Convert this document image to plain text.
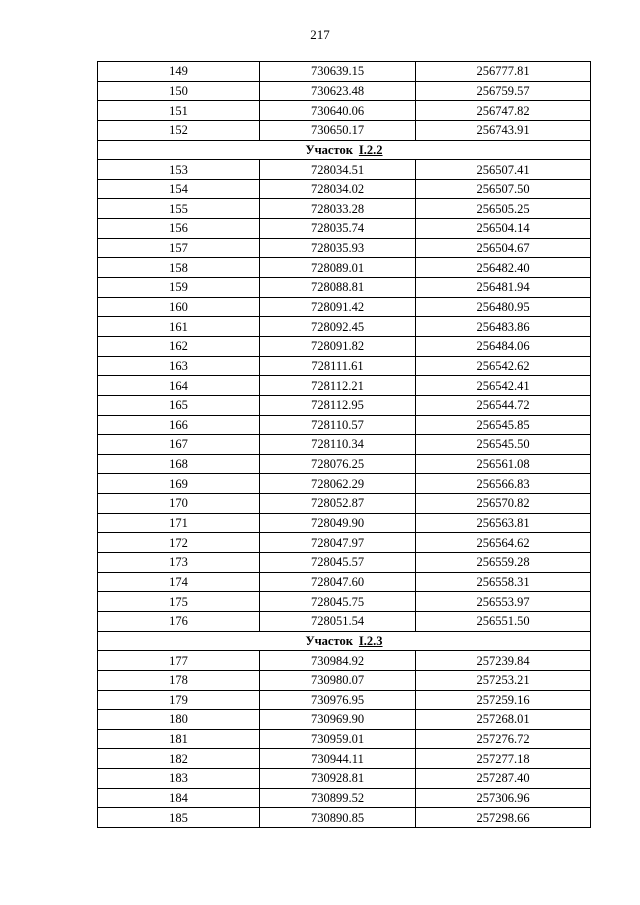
217
149	730639.15	256777.81
150	730623.48	256759.57
151	730640.06	256747.82
152	730650.17	256743.91
Участок I.2.2		
153	728034.51	256507.41
154	728034.02	256507.50
155	728033.28	256505.25
156	728035.74	256504.14
157	728035.93	256504.67
158	728089.01	256482.40
159	728088.81	256481.94
160	728091.42	256480.95
161	728092.45	256483.86
162	728091.82	256484.06
163	728111.61	256542.62
164	728112.21	256542.41
165	728112.95	256544.72
166	728110.57	256545.85
167	728110.34	256545.50
168	728076.25	256561.08
169	728062.29	256566.83
170	728052.87	256570.82
171	728049.90	256563.81
172	728047.97	256564.62
173	728045.57	256559.28
174	728047.60	256558.31
175	728045.75	256553.97
176	728051.54	256551.50
Участок I.2.3		
177	730984.92	257239.84
178	730980.07	257253.21
179	730976.95	257259.16
180	730969.90	257268.01
181	730959.01	257276.72
182	730944.11	257277.18
183	730928.81	257287.40
184	730899.52	257306.96
185	730890.85	257298.66
